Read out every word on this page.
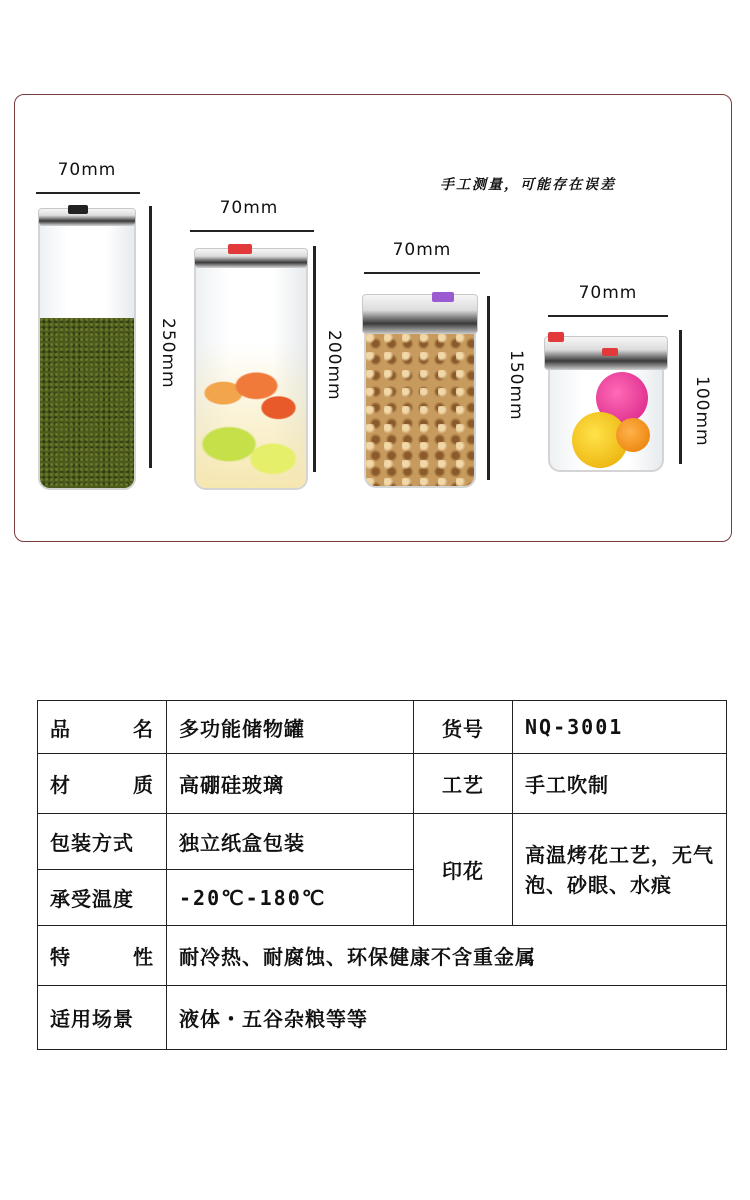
手工测量，可能存在误差
70mm
250mm
70mm
200mm
70mm
150mm
70mm
100mm
品　　名	多功能储物罐	货号	NQ-3001
材　　质	高硼硅玻璃	工艺	手工吹制
包装方式	独立纸盒包装	印花	高温烤花工艺，无气泡、砂眼、水痕
承受温度	-20℃-180℃		
特　　性	耐冷热、耐腐蚀、环保健康不含重金属		
适用场景	液体・五谷杂粮等等		
